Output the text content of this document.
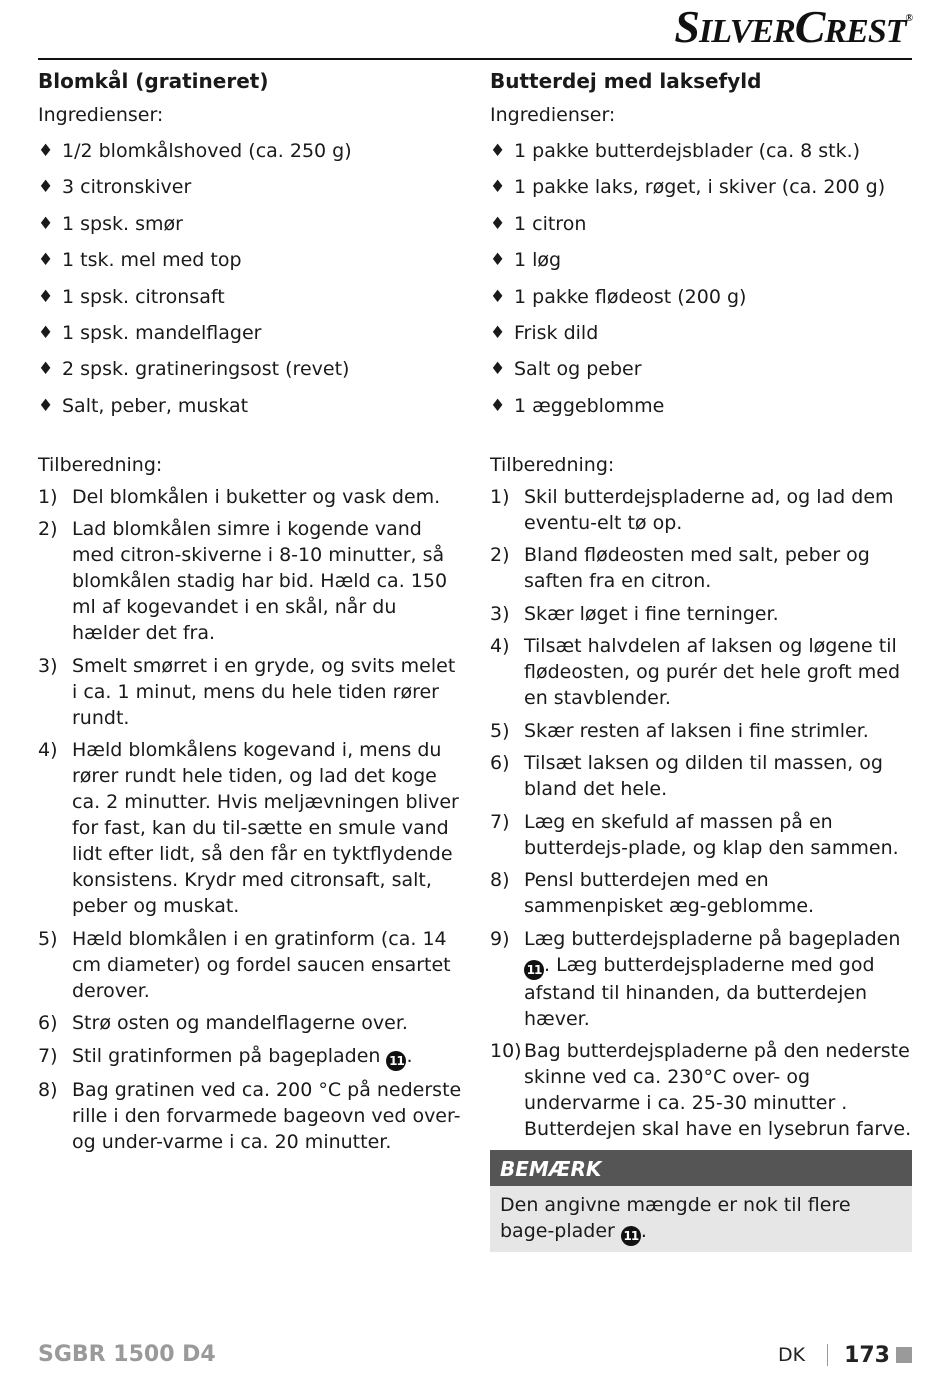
SILVERCREST®
Blomkål (gratineret)
Ingredienser:
♦ 1/2 blomkålshoved (ca. 250 g)
♦ 3 citronskiver
♦ 1 spsk. smør
♦ 1 tsk. mel med top
♦ 1 spsk. citronsaft
♦ 1 spsk. mandelflager
♦ 2 spsk. gratineringsost (revet)
♦ Salt, peber, muskat
Tilberedning:
1) Del blomkålen i buketter og vask dem.
2) Lad blomkålen simre i kogende vand med citron-skiverne i 8-10 minutter, så blomkålen stadig har bid. Hæld ca. 150 ml af kogevandet i en skål, når du hælder det fra.
3) Smelt smørret i en gryde, og svits melet i ca. 1 minut, mens du hele tiden rører rundt.
4) Hæld blomkålens kogevand i, mens du rører rundt hele tiden, og lad det koge ca. 2 minutter. Hvis meljævningen bliver for fast, kan du til-sætte en smule vand lidt efter lidt, så den får en tyktflydende konsistens. Krydr med citronsaft, salt, peber og muskat.
5) Hæld blomkålen i en gratinform (ca. 14 cm diameter) og fordel saucen ensartet derover.
6) Strø osten og mandelflagerne over.
7) Stil gratinformen på bagepladen 11 .
8) Bag gratinen ved ca. 200 °C på nederste rille i den forvarmede bageovn ved over- og under-varme i ca. 20 minutter.
Butterdej med laksefyld
Ingredienser:
♦ 1 pakke butterdejsblader (ca. 8 stk.)
♦ 1 pakke laks, røget, i skiver (ca. 200 g)
♦ 1 citron
♦ 1 løg
♦ 1 pakke flødeost (200 g)
♦ Frisk dild
♦ Salt og peber
♦ 1 æggeblomme
Tilberedning:
1) Skil butterdejspladerne ad, og lad dem eventu-elt tø op.
2) Bland flødeosten med salt, peber og saften fra en citron.
3) Skær løget i fine terninger.
4) Tilsæt halvdelen af laksen og løgene til flødeosten, og purér det hele groft med en stavblender.
5) Skær resten af laksen i fine strimler.
6) Tilsæt laksen og dilden til massen, og bland det hele.
7) Læg en skefuld af massen på en butterdejs-plade, og klap den sammen.
8) Pensl butterdejen med en sammenpisket æg-geblomme.
9) Læg butterdejspladerne på bagepladen 11 . Læg butterdejspladerne med god afstand til hinanden, da butterdejen hæver.
10) Bag butterdejspladerne på den nederste skinne ved ca. 230°C over- og undervarme i ca. 25-30 minutter . Butterdejen skal have en lysebrun farve.
BEMÆRK
Den angivne mængde er nok til flere bage-plader 11 .
SGBR 1500 D4	DK 173
